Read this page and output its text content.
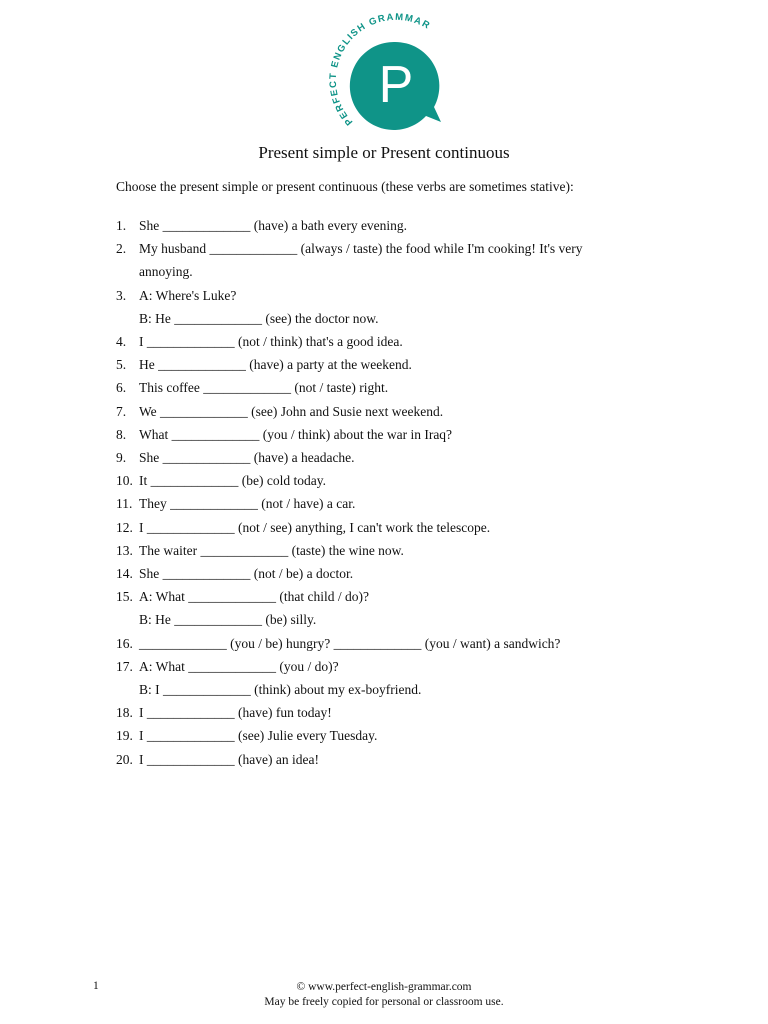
PERFECT ENGLISH GRAMMAR
P
Present simple or Present continuous
Choose the present simple or present continuous (these verbs are sometimes stative):
1. She _____________ (have) a bath every evening.
2. My husband _____________ (always / taste) the food while I'm cooking! It's very
annoying.
3. A: Where's Luke?
B: He _____________ (see) the doctor now.
4. I _____________ (not / think) that's a good idea.
5. He _____________ (have) a party at the weekend.
6. This coffee _____________ (not / taste) right.
7. We _____________ (see) John and Susie next weekend.
8. What _____________ (you / think) about the war in Iraq?
9. She _____________ (have) a headache.
10. It _____________ (be) cold today.
11. They _____________ (not / have) a car.
12. I _____________ (not / see) anything, I can't work the telescope.
13. The waiter _____________ (taste) the wine now.
14. She _____________ (not / be) a doctor.
15. A: What _____________ (that child / do)?
B: He _____________ (be) silly.
16. _____________ (you / be) hungry? _____________ (you / want) a sandwich?
17. A: What _____________ (you / do)?
B: I _____________ (think) about my ex-boyfriend.
18. I _____________ (have) fun today!
19. I _____________ (see) Julie every Tuesday.
20. I _____________ (have) an idea!
1	© www.perfect-english-grammar.com
May be freely copied for personal or classroom use.
